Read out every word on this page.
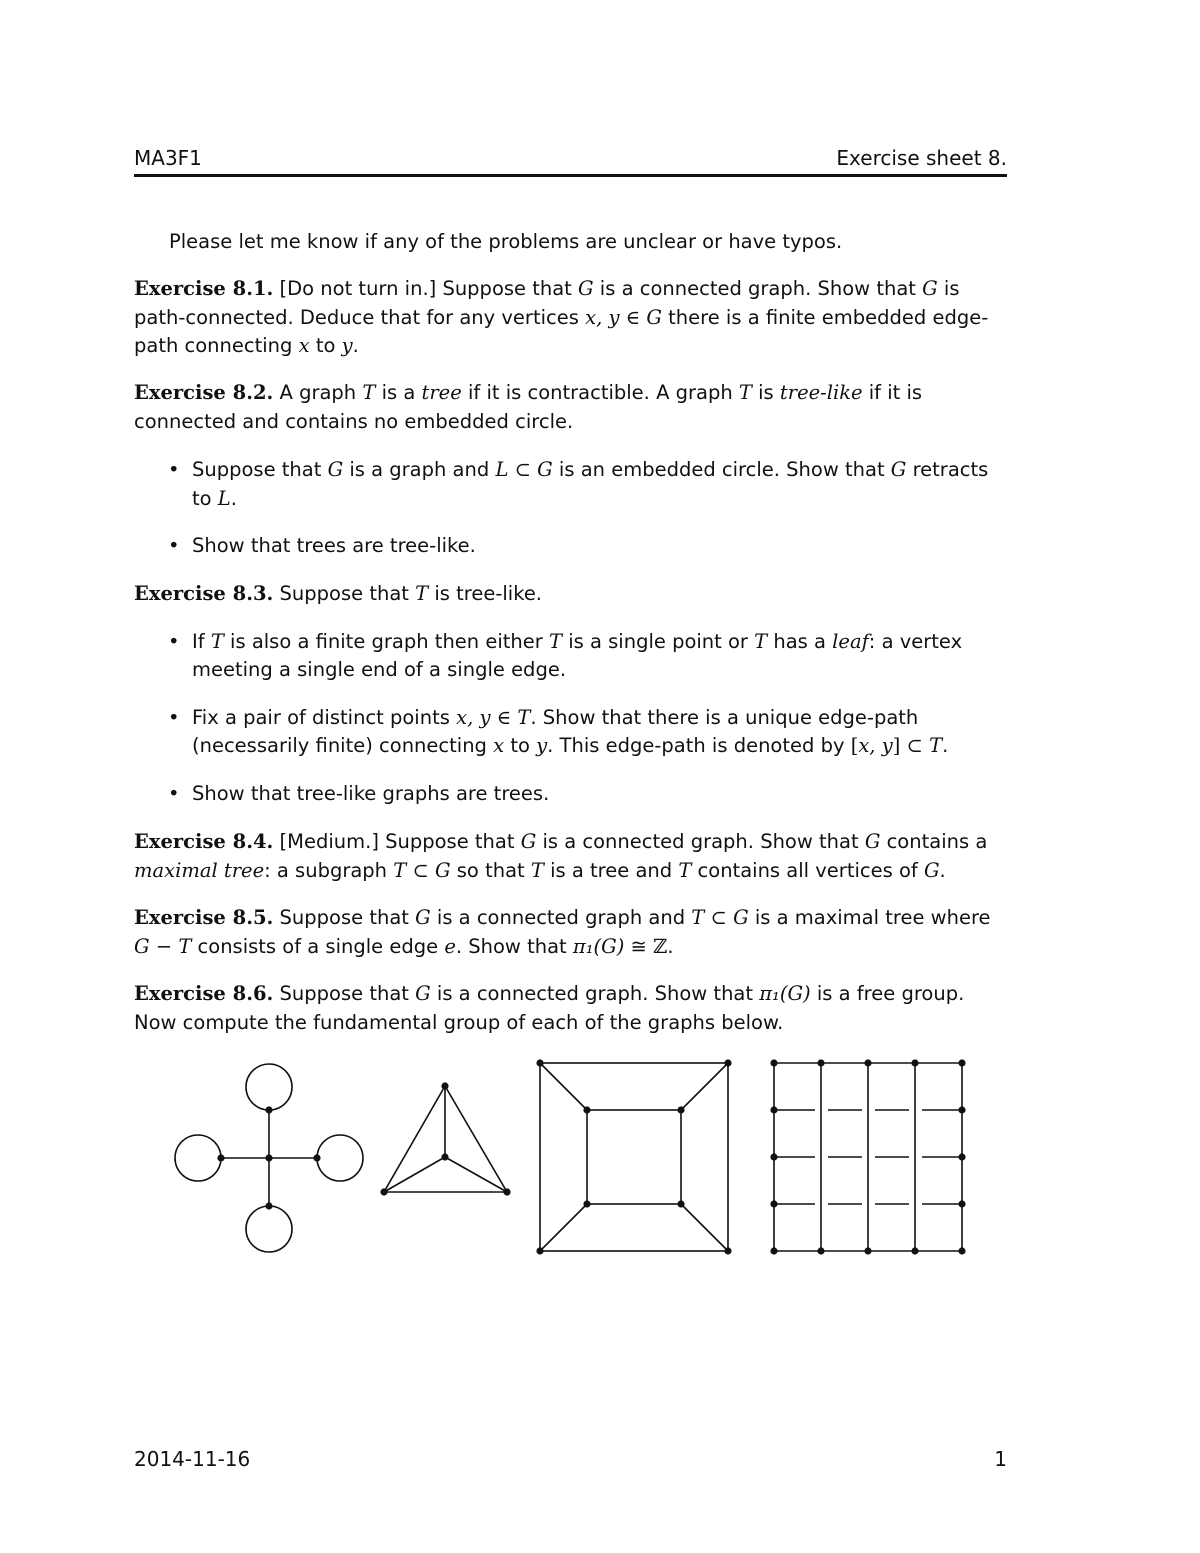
MA3F1	Exercise sheet 8.

Please let me know if any of the problems are unclear or have typos.

Exercise 8.1. [Do not turn in.] Suppose that G is a connected graph. Show that G is path-connected. Deduce that for any vertices x, y ∈ G there is a finite embedded edge-path connecting x to y.

Exercise 8.2. A graph T is a tree if it is contractible. A graph T is tree-like if it is connected and contains no embedded circle.

• Suppose that G is a graph and L ⊂ G is an embedded circle. Show that G retracts to L.
• Show that trees are tree-like.

Exercise 8.3. Suppose that T is tree-like.

• If T is also a finite graph then either T is a single point or T has a leaf: a vertex meeting a single end of a single edge.
• Fix a pair of distinct points x, y ∈ T. Show that there is a unique edge-path (necessarily finite) connecting x to y. This edge-path is denoted by [x, y] ⊂ T.
• Show that tree-like graphs are trees.

Exercise 8.4. [Medium.] Suppose that G is a connected graph. Show that G contains a maximal tree: a subgraph T ⊂ G so that T is a tree and T contains all vertices of G.

Exercise 8.5. Suppose that G is a connected graph and T ⊂ G is a maximal tree where G − T consists of a single edge e. Show that π₁(G) ≅ ℤ.

Exercise 8.6. Suppose that G is a connected graph. Show that π₁(G) is a free group. Now compute the fundamental group of each of the graphs below.

2014-11-16	1
